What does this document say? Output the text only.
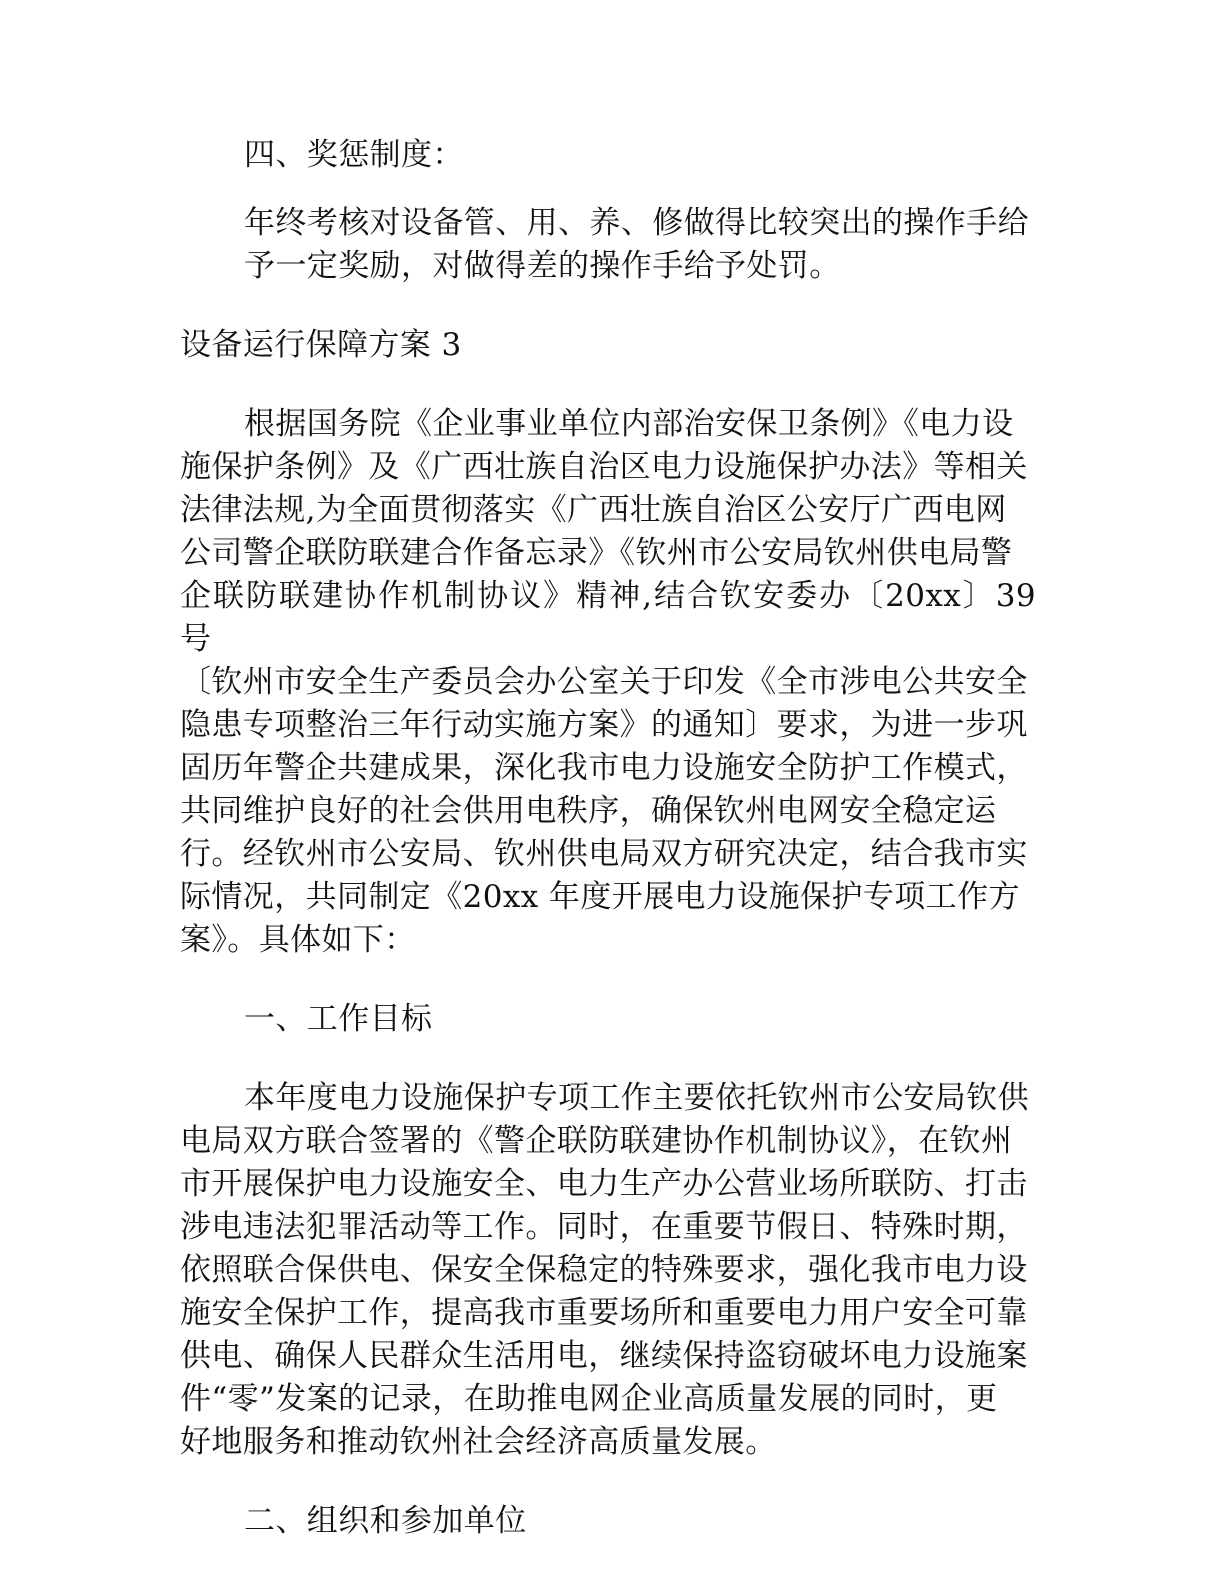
四、奖惩制度：

年终考核对设备管、用、养、修做得比较突出的操作手给
予一定奖励，对做得差的操作手给予处罚。

设备运行保障方案 3

根据国务院《企业事业单位内部治安保卫条例》《电力设
施保护条例》及《广西壮族自治区电力设施保护办法》等相关
法律法规,为全面贯彻落实《广西壮族自治区公安厅广西电网
公司警企联防联建合作备忘录》《钦州市公安局钦州供电局警
企联防联建协作机制协议》精神,结合钦安委办〔20xx〕39 号
〔钦州市安全生产委员会办公室关于印发《全市涉电公共安全
隐患专项整治三年行动实施方案》的通知〕要求，为进一步巩
固历年警企共建成果，深化我市电力设施安全防护工作模式，
共同维护良好的社会供用电秩序，确保钦州电网安全稳定运
行。经钦州市公安局、钦州供电局双方研究决定，结合我市实
际情况，共同制定《20xx 年度开展电力设施保护专项工作方
案》。具体如下：

一、工作目标

本年度电力设施保护专项工作主要依托钦州市公安局钦供
电局双方联合签署的《警企联防联建协作机制协议》，在钦州
市开展保护电力设施安全、电力生产办公营业场所联防、打击
涉电违法犯罪活动等工作。同时，在重要节假日、特殊时期，
依照联合保供电、保安全保稳定的特殊要求，强化我市电力设
施安全保护工作，提高我市重要场所和重要电力用户安全可靠
供电、确保人民群众生活用电，继续保持盗窃破坏电力设施案
件“零”发案的记录，在助推电网企业高质量发展的同时，更
好地服务和推动钦州社会经济高质量发展。

二、组织和参加单位
